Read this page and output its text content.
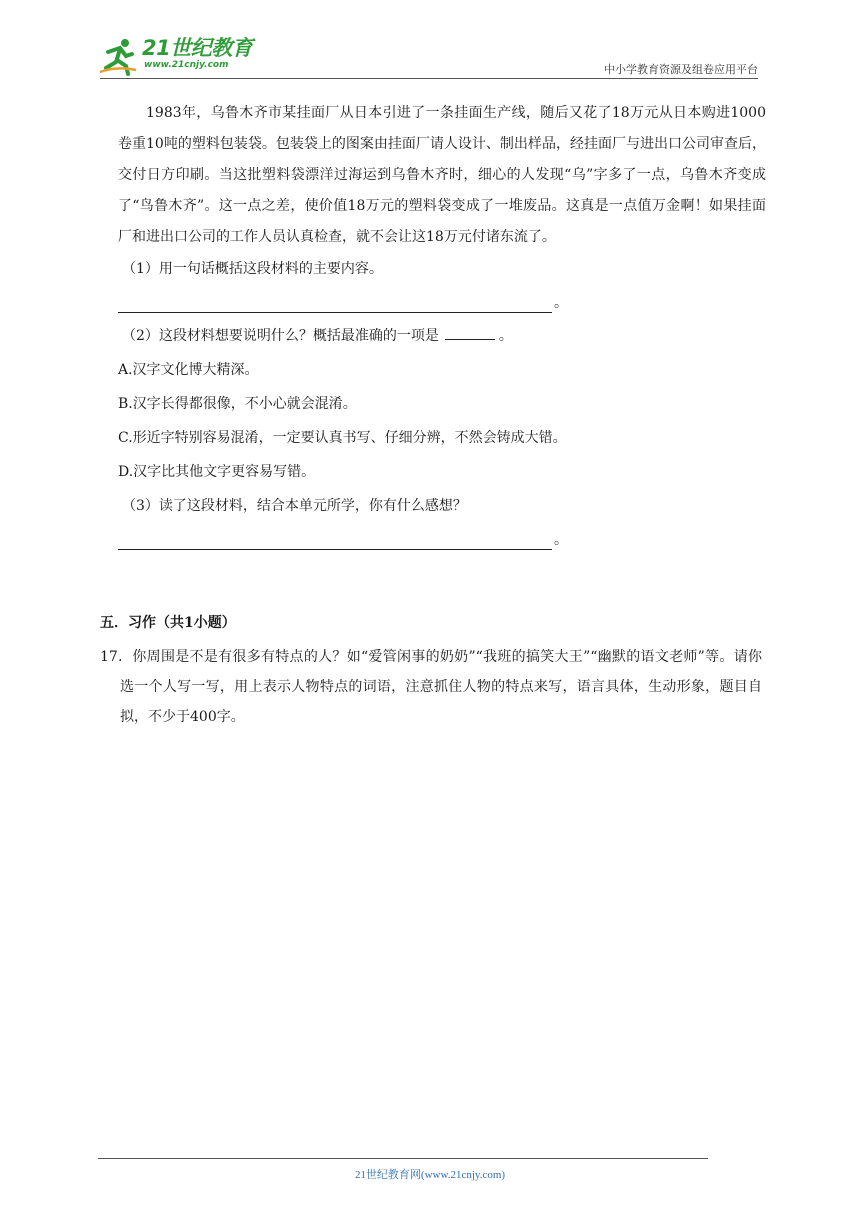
21世纪教育
www.21cnjy.com	中小学教育资源及组卷应用平台

1983年，乌鲁木齐市某挂面厂从日本引进了一条挂面生产线，随后又花了18万元从日本购进1000卷重10吨的塑料包装袋。包装袋上的图案由挂面厂请人设计、制出样品，经挂面厂与进出口公司审查后，交付日方印刷。当这批塑料袋漂洋过海运到乌鲁木齐时，细心的人发现“乌”字多了一点，乌鲁木齐变成了“鸟鲁木齐”。这一点之差，使价值18万元的塑料袋变成了一堆废品。这真是一点值万金啊！如果挂面厂和进出口公司的工作人员认真检查，就不会让这18万元付诸东流了。

（1）用一句话概括这段材料的主要内容。

。

（2）这段材料想要说明什么？概括最准确的一项是	。

A.汉字文化博大精深。

B.汉字长得都很像，不小心就会混淆。

C.形近字特别容易混淆，一定要认真书写、仔细分辨，不然会铸成大错。

D.汉字比其他文字更容易写错。

（3）读了这段材料，结合本单元所学，你有什么感想？

。

五．习作（共1小题）

17．你周围是不是有很多有特点的人？如“爱管闲事的奶奶”“我班的搞笑大王”“幽默的语文老师”等。请你选一个人写一写，用上表示人物特点的词语，注意抓住人物的特点来写，语言具体，生动形象，题目自拟，不少于400字。

21世纪教育网(www.21cnjy.com)
